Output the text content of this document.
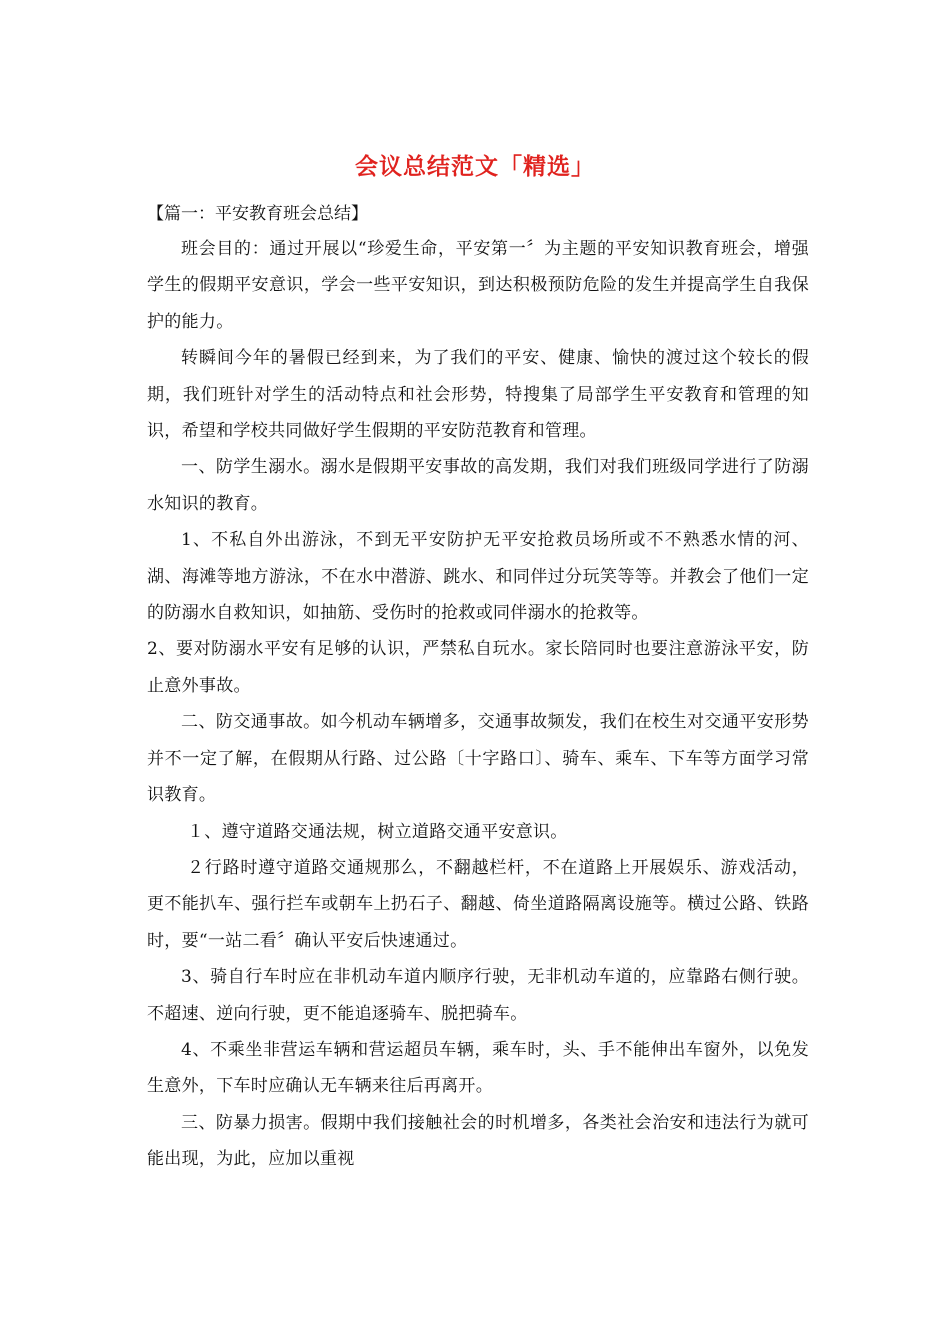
会议总结范文「精选」

【篇一：平安教育班会总结】

班会目的：通过开展以“珍爱生命，平安第一〞为主题的平安知识教育班会，增强学生的假期平安意识，学会一些平安知识，到达积极预防危险的发生并提高学生自我保护的能力。

转瞬间今年的暑假已经到来，为了我们的平安、健康、愉快的渡过这个较长的假期，我们班针对学生的活动特点和社会形势，特搜集了局部学生平安教育和管理的知识，希望和学校共同做好学生假期的平安防范教育和管理。

一、防学生溺水。溺水是假期平安事故的高发期，我们对我们班级同学进行了防溺水知识的教育。

1、不私自外出游泳，不到无平安防护无平安抢救员场所或不不熟悉水情的河、湖、海滩等地方游泳，不在水中潜游、跳水、和同伴过分玩笑等等。并教会了他们一定的防溺水自救知识，如抽筋、受伤时的抢救或同伴溺水的抢救等。

2、要对防溺水平安有足够的认识，严禁私自玩水。家长陪同时也要注意游泳平安，防止意外事故。

二、防交通事故。如今机动车辆增多，交通事故频发，我们在校生对交通平安形势并不一定了解，在假期从行路、过公路〔十字路口〕、骑车、乘车、下车等方面学习常识教育。

１、遵守道路交通法规，树立道路交通平安意识。

２行路时遵守道路交通规那么，不翻越栏杆，不在道路上开展娱乐、游戏活动，更不能扒车、强行拦车或朝车上扔石子、翻越、倚坐道路隔离设施等。横过公路、铁路时，要“一站二看〞确认平安后快速通过。

3、骑自行车时应在非机动车道内顺序行驶，无非机动车道的，应靠路右侧行驶。不超速、逆向行驶，更不能追逐骑车、脱把骑车。

4、不乘坐非营运车辆和营运超员车辆，乘车时，头、手不能伸出车窗外，以免发生意外，下车时应确认无车辆来往后再离开。

三、防暴力损害。假期中我们接触社会的时机增多，各类社会治安和违法行为就可能出现，为此，应加以重视
